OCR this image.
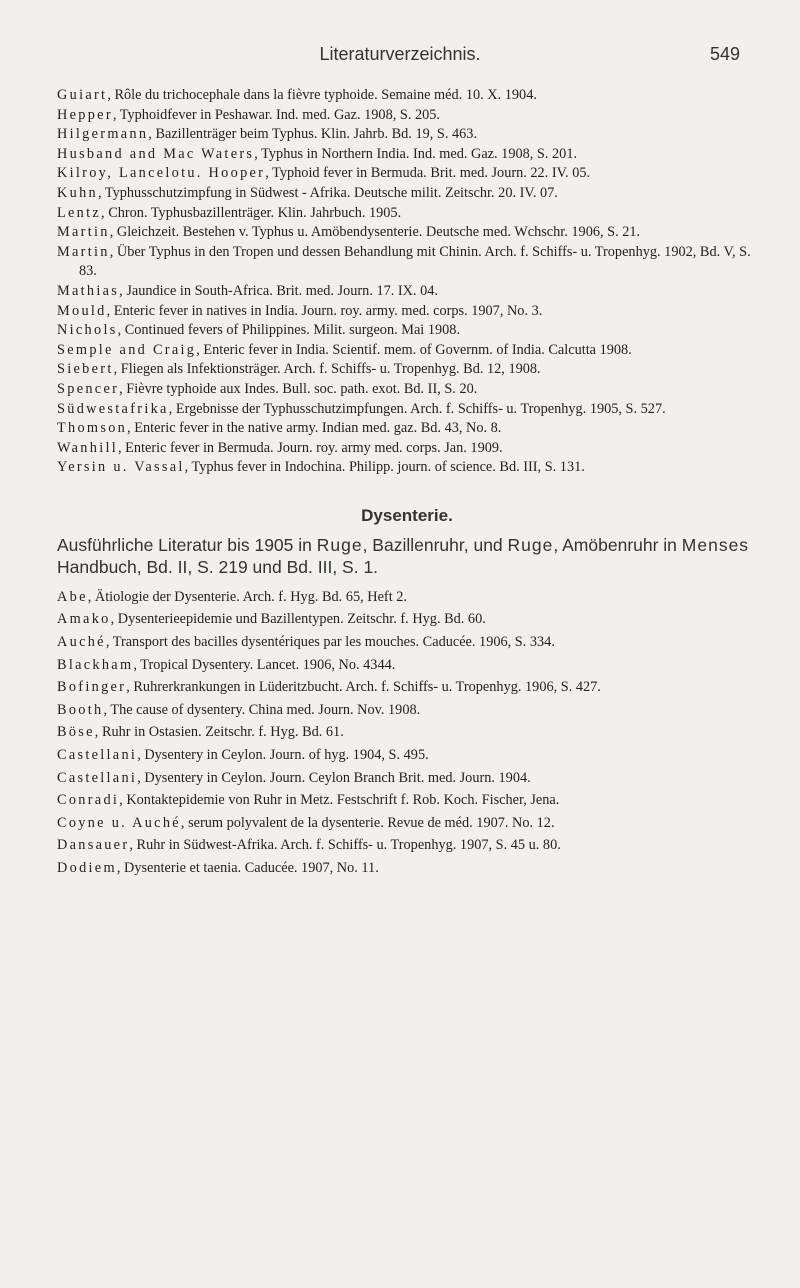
Literaturverzeichnis.	549

Guiart, Rôle du trichocephale dans la fièvre typhoide. Semaine méd. 10. X. 1904.

Hepper, Typhoidfever in Peshawar. Ind. med. Gaz. 1908, S. 205.

Hilgermann, Bazillenträger beim Typhus. Klin. Jahrb. Bd. 19, S. 463.

Husband and Mac Waters, Typhus in Northern India. Ind. med. Gaz. 1908, S. 201.

Kilroy, Lancelotu. Hooper, Typhoid fever in Bermuda. Brit. med. Journ. 22. IV. 05.

Kuhn, Typhusschutzimpfung in Südwest - Afrika. Deutsche milit. Zeitschr. 20. IV. 07.

Lentz, Chron. Typhusbazillenträger. Klin. Jahrbuch. 1905.

Martin, Gleichzeit. Bestehen v. Typhus u. Amöbendysenterie. Deutsche med. Wchschr. 1906, S. 21.

Martin, Über Typhus in den Tropen und dessen Behandlung mit Chinin. Arch. f. Schiffs- u. Tropenhyg. 1902, Bd. V, S. 83.

Mathias, Jaundice in South-Africa. Brit. med. Journ. 17. IX. 04.

Mould, Enteric fever in natives in India. Journ. roy. army. med. corps. 1907, No. 3.

Nichols, Continued fevers of Philippines. Milit. surgeon. Mai 1908.

Semple and Craig, Enteric fever in India. Scientif. mem. of Governm. of India. Calcutta 1908.

Siebert, Fliegen als Infektionsträger. Arch. f. Schiffs- u. Tropenhyg. Bd. 12, 1908.

Spencer, Fièvre typhoide aux Indes. Bull. soc. path. exot. Bd. II, S. 20.

Südwestafrika, Ergebnisse der Typhusschutzimpfungen. Arch. f. Schiffs- u. Tropenhyg. 1905, S. 527.

Thomson, Enteric fever in the native army. Indian med. gaz. Bd. 43, No. 8.

Wanhill, Enteric fever in Bermuda. Journ. roy. army med. corps. Jan. 1909.

Yersin u. Vassal, Typhus fever in Indochina. Philipp. journ. of science. Bd. III, S. 131.

Dysenterie.
Ausführliche Literatur bis 1905 in Ruge, Bazillenruhr, und Ruge, Amöbenruhr in Menses Handbuch, Bd. II, S. 219 und Bd. III, S. 1.

Abe, Ätiologie der Dysenterie. Arch. f. Hyg. Bd. 65, Heft 2.

Amako, Dysenterieepidemie und Bazillentypen. Zeitschr. f. Hyg. Bd. 60.

Auché, Transport des bacilles dysentériques par les mouches. Caducée. 1906, S. 334.

Blackham, Tropical Dysentery. Lancet. 1906, No. 4344.

Bofinger, Ruhrerkrankungen in Lüderitzbucht. Arch. f. Schiffs- u. Tropenhyg. 1906, S. 427.

Booth, The cause of dysentery. China med. Journ. Nov. 1908.

Böse, Ruhr in Ostasien. Zeitschr. f. Hyg. Bd. 61.

Castellani, Dysentery in Ceylon. Journ. of hyg. 1904, S. 495.

Castellani, Dysentery in Ceylon. Journ. Ceylon Branch Brit. med. Journ. 1904.

Conradi, Kontaktepidemie von Ruhr in Metz. Festschrift f. Rob. Koch. Fischer, Jena.

Coyne u. Auché, serum polyvalent de la dysenterie. Revue de méd. 1907. No. 12.

Dansauer, Ruhr in Südwest-Afrika. Arch. f. Schiffs- u. Tropenhyg. 1907, S. 45 u. 80.

Dodiem, Dysenterie et taenia. Caducée. 1907, No. 11.
